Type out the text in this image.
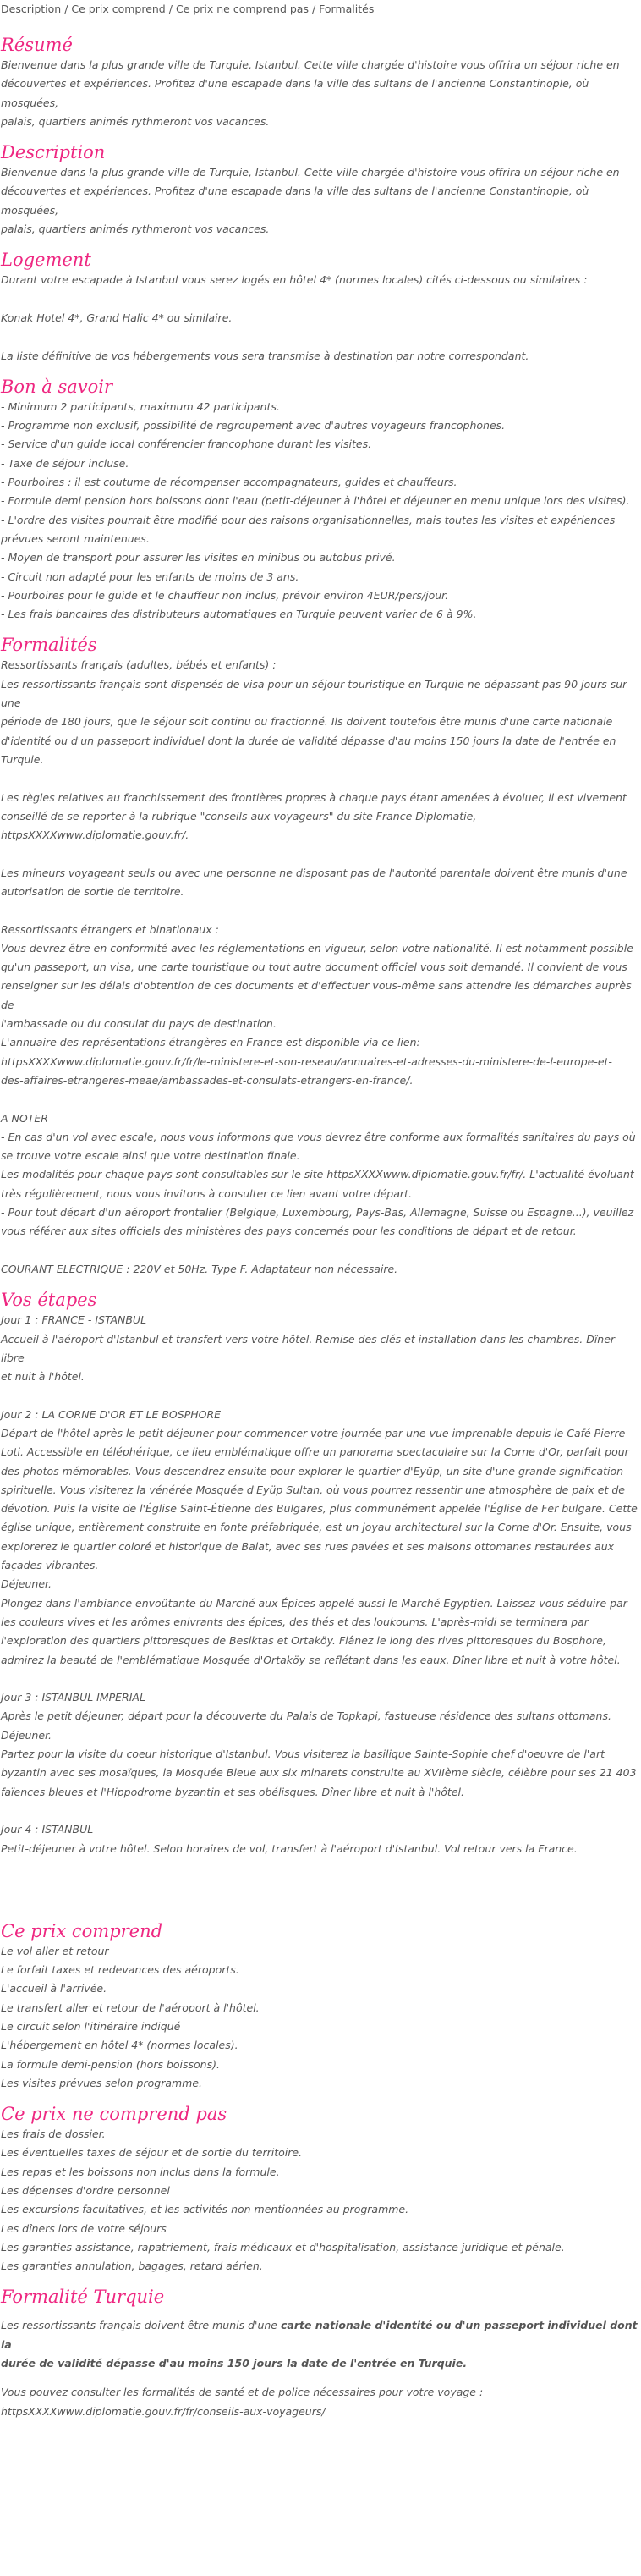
Description / Ce prix comprend / Ce prix ne comprend pas / Formalités
Résumé

Bienvenue dans la plus grande ville de Turquie, Istanbul. Cette ville chargée d'histoire vous offrira un séjour riche en

découvertes et expériences. Profitez d'une escapade dans la ville des sultans de l'ancienne Constantinople, où mosquées,

palais, quartiers animés rythmeront vos vacances.

Description

Bienvenue dans la plus grande ville de Turquie, Istanbul. Cette ville chargée d'histoire vous offrira un séjour riche en

découvertes et expériences. Profitez d'une escapade dans la ville des sultans de l'ancienne Constantinople, où mosquées,

palais, quartiers animés rythmeront vos vacances.

Logement

Durant votre escapade à Istanbul vous serez logés en hôtel 4* (normes locales) cités ci-dessous ou similaires :

Konak Hotel 4*, Grand Halic 4* ou similaire.

La liste définitive de vos hébergements vous sera transmise à destination par notre correspondant.

Bon à savoir

- Minimum 2 participants, maximum 42 participants.

- Programme non exclusif, possibilité de regroupement avec d'autres voyageurs francophones.

- Service d'un guide local conférencier francophone durant les visites.

- Taxe de séjour incluse.

- Pourboires : il est coutume de récompenser accompagnateurs, guides et chauffeurs.

- Formule demi pension hors boissons dont l'eau (petit-déjeuner à l'hôtel et déjeuner en menu unique lors des visites).

- L'ordre des visites pourrait être modifié pour des raisons organisationnelles, mais toutes les visites et expériences

prévues seront maintenues.

- Moyen de transport pour assurer les visites en minibus ou autobus privé.

- Circuit non adapté pour les enfants de moins de 3 ans.

- Pourboires pour le guide et le chauffeur non inclus, prévoir environ 4EUR/pers/jour.

- Les frais bancaires des distributeurs automatiques en Turquie peuvent varier de 6 à 9%.

Formalités

Ressortissants français (adultes, bébés et enfants) :

Les ressortissants français sont dispensés de visa pour un séjour touristique en Turquie ne dépassant pas 90 jours sur une

période de 180 jours, que le séjour soit continu ou fractionné. Ils doivent toutefois être munis d'une carte nationale

d'identité ou d'un passeport individuel dont la durée de validité dépasse d'au moins 150 jours la date de l'entrée en

Turquie.

Les règles relatives au franchissement des frontières propres à chaque pays étant amenées à évoluer, il est vivement

conseillé de se reporter à la rubrique "conseils aux voyageurs" du site France Diplomatie,

httpsXXXXwww.diplomatie.gouv.fr/.

Les mineurs voyageant seuls ou avec une personne ne disposant pas de l'autorité parentale doivent être munis d'une

autorisation de sortie de territoire.

Ressortissants étrangers et binationaux :

Vous devrez être en conformité avec les réglementations en vigueur, selon votre nationalité. Il est notamment possible

qu'un passeport, un visa, une carte touristique ou tout autre document officiel vous soit demandé. Il convient de vous

renseigner sur les délais d'obtention de ces documents et d'effectuer vous-même sans attendre les démarches auprès de

l'ambassade ou du consulat du pays de destination.

L'annuaire des représentations étrangères en France est disponible via ce lien:

httpsXXXXwww.diplomatie.gouv.fr/fr/le-ministere-et-son-reseau/annuaires-et-adresses-du-ministere-de-l-europe-et-

des-affaires-etrangeres-meae/ambassades-et-consulats-etrangers-en-france/.

A NOTER

- En cas d'un vol avec escale, nous vous informons que vous devrez être conforme aux formalités sanitaires du pays où

se trouve votre escale ainsi que votre destination finale.

Les modalités pour chaque pays sont consultables sur le site httpsXXXXwww.diplomatie.gouv.fr/fr/. L'actualité évoluant

très régulièrement, nous vous invitons à consulter ce lien avant votre départ.

- Pour tout départ d'un aéroport frontalier (Belgique, Luxembourg, Pays-Bas, Allemagne, Suisse ou Espagne...), veuillez

vous référer aux sites officiels des ministères des pays concernés pour les conditions de départ et de retour.

COURANT ELECTRIQUE : 220V et 50Hz. Type F. Adaptateur non nécessaire.

Vos étapes

Jour 1 : FRANCE - ISTANBUL

Accueil à l'aéroport d'Istanbul et transfert vers votre hôtel. Remise des clés et installation dans les chambres. Dîner libre

et nuit à l'hôtel.

Jour 2 : LA CORNE D'OR ET LE BOSPHORE

Départ de l'hôtel après le petit déjeuner pour commencer votre journée par une vue imprenable depuis le Café Pierre

Loti. Accessible en téléphérique, ce lieu emblématique offre un panorama spectaculaire sur la Corne d'Or, parfait pour

des photos mémorables. Vous descendrez ensuite pour explorer le quartier d'Eyüp, un site d'une grande signification

spirituelle. Vous visiterez la vénérée Mosquée d'Eyüp Sultan, où vous pourrez ressentir une atmosphère de paix et de

dévotion. Puis la visite de l'Église Saint-Étienne des Bulgares, plus communément appelée l'Église de Fer bulgare. Cette

église unique, entièrement construite en fonte préfabriquée, est un joyau architectural sur la Corne d'Or. Ensuite, vous

explorerez le quartier coloré et historique de Balat, avec ses rues pavées et ses maisons ottomanes restaurées aux

façades vibrantes.

Déjeuner.

Plongez dans l'ambiance envoûtante du Marché aux Épices appelé aussi le Marché Egyptien. Laissez-vous séduire par

les couleurs vives et les arômes enivrants des épices, des thés et des loukoums. L'après-midi se terminera par

l'exploration des quartiers pittoresques de Besiktas et Ortaköy. Flânez le long des rives pittoresques du Bosphore,

admirez la beauté de l'emblématique Mosquée d'Ortaköy se reflétant dans les eaux. Dîner libre et nuit à votre hôtel.

Jour 3 : ISTANBUL IMPERIAL

Après le petit déjeuner, départ pour la découverte du Palais de Topkapi, fastueuse résidence des sultans ottomans.

Déjeuner.

Partez pour la visite du coeur historique d'Istanbul. Vous visiterez la basilique Sainte-Sophie chef d'oeuvre de l'art

byzantin avec ses mosaïques, la Mosquée Bleue aux six minarets construite au XVIIème siècle, célèbre pour ses 21 403

faïences bleues et l'Hippodrome byzantin et ses obélisques. Dîner libre et nuit à l'hôtel.

Jour 4 : ISTANBUL

Petit-déjeuner à votre hôtel. Selon horaires de vol, transfert à l'aéroport d'Istanbul. Vol retour vers la France.

Ce prix comprend

Le vol aller et retour

Le forfait taxes et redevances des aéroports.

L'accueil à l'arrivée.

Le transfert aller et retour de l'aéroport à l'hôtel.

Le circuit selon l'itinéraire indiqué

L'hébergement en hôtel 4* (normes locales).

La formule demi-pension (hors boissons).

Les visites prévues selon programme.

Ce prix ne comprend pas

Les frais de dossier.

Les éventuelles taxes de séjour et de sortie du territoire.

Les repas et les boissons non inclus dans la formule.

Les dépenses d'ordre personnel

Les excursions facultatives, et les activités non mentionnées au programme.

Les dîners lors de votre séjours

Les garanties assistance, rapatriement, frais médicaux et d'hospitalisation, assistance juridique et pénale.

Les garanties annulation, bagages, retard aérien.

Formalité Turquie

Les ressortissants français doivent être munis d'une carte nationale d'identité ou d'un passeport individuel dont la

durée de validité dépasse d'au moins 150 jours la date de l'entrée en Turquie.

Vous pouvez consulter les formalités de santé et de police nécessaires pour votre voyage :

httpsXXXXwww.diplomatie.gouv.fr/fr/conseils-aux-voyageurs/
